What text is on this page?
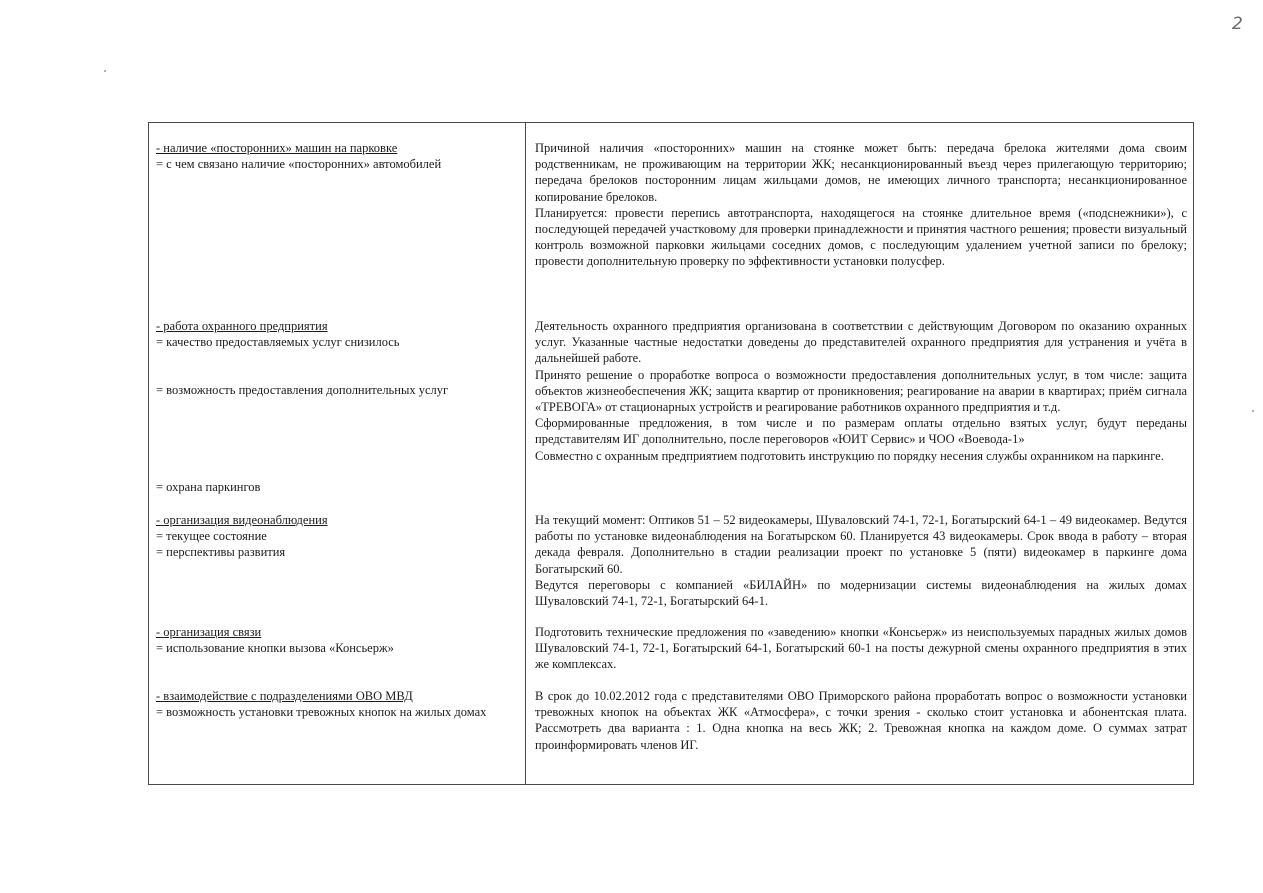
2
- наличие «посторонних» машин на парковке
= с чем связано наличие «посторонних» автомобилей

Причиной наличия «посторонних» машин на стоянке может быть: передача брелока жителями дома своим родственникам, не проживающим на территории ЖК; несанкционированный въезд через прилегающую территорию; передача брелоков посторонним лицам жильцами домов, не имеющих личного транспорта; несанкционированное копирование брелоков.

Планируется: провести перепись автотранспорта, находящегося на стоянке длительное время («подснежники»), с последующей передачей участковому для проверки принадлежности и принятия частного решения; провести визуальный контроль возможной парковки жильцами соседних домов, с последующим удалением учетной записи по брелоку; провести дополнительную проверку по эффективности установки полусфер.

- работа охранного предприятия
= качество предоставляемых услуг снизилось
= возможность предоставления дополнительных услуг
= охрана паркингов

Деятельность охранного предприятия организована в соответствии с действующим Договором по оказанию охранных услуг. Указанные частные недостатки доведены до представителей охранного предприятия для устранения и учёта в дальнейшей работе.

Принято решение о проработке вопроса о возможности предоставления дополнительных услуг, в том числе: защита объектов жизнеобеспечения ЖК; защита квартир от проникновения; реагирование на аварии в квартирах; приём сигнала «ТРЕВОГА» от стационарных устройств и реагирование работников охранного предприятия и т.д.

Сформированные предложения, в том числе и по размерам оплаты отдельно взятых услуг, будут переданы представителям ИГ дополнительно, после переговоров «ЮИТ Сервис» и ЧОО «Воевода-1»

Совместно с охранным предприятием подготовить инструкцию по порядку несения службы охранником на паркинге.

- организация видеонаблюдения
= текущее состояние
= перспективы развития

На текущий момент: Оптиков 51 – 52 видеокамеры, Шуваловский 74-1, 72-1, Богатырский 64-1 – 49 видеокамер. Ведутся работы по установке видеонаблюдения на Богатырском 60. Планируется 43 видеокамеры. Срок ввода в работу – вторая декада февраля. Дополнительно в стадии реализации проект по установке 5 (пяти) видеокамер в паркинге дома Богатырский 60.

Ведутся переговоры с компанией «БИЛАЙН» по модернизации системы видеонаблюдения на жилых домах Шуваловский 74-1, 72-1, Богатырский 64-1.

- организация связи
= использование кнопки вызова «Консьерж»

Подготовить технические предложения по «заведению» кнопки «Консьерж» из неиспользуемых парадных жилых домов Шуваловский 74-1, 72-1, Богатырский 64-1, Богатырский 60-1 на посты дежурной смены охранного предприятия в этих же комплексах.

- взаимодействие с подразделениями ОВО МВД
= возможность установки тревожных кнопок на жилых домах

В срок до 10.02.2012 года с представителями ОВО Приморского района проработать вопрос о возможности установки тревожных кнопок на объектах ЖК «Атмосфера», с точки зрения - сколько стоит установка и абонентская плата. Рассмотреть два варианта : 1. Одна кнопка на весь ЖК; 2. Тревожная кнопка на каждом доме. О суммах затрат проинформировать членов ИГ.
